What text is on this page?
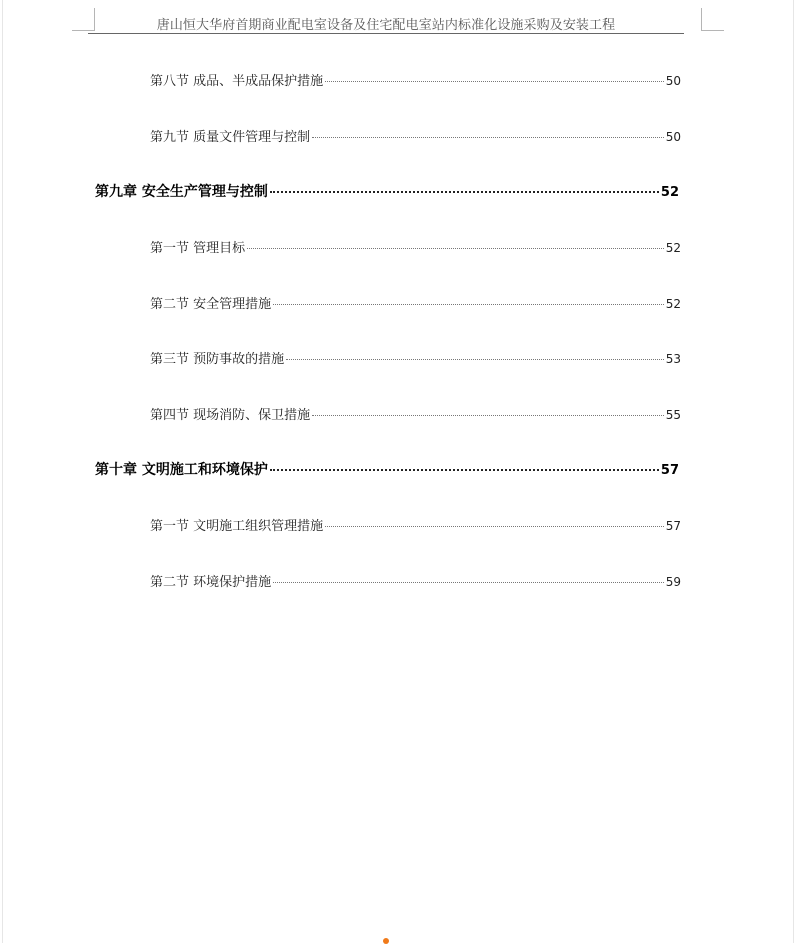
唐山恒大华府首期商业配电室设备及住宅配电室站内标准化设施采购及安装工程
第八节 成品、半成品保护措施	50
第九节 质量文件管理与控制	50
第九章 安全生产管理与控制	52
第一节 管理目标	52
第二节 安全管理措施	52
第三节 预防事故的措施	53
第四节 现场消防、保卫措施	55
第十章 文明施工和环境保护	57
第一节 文明施工组织管理措施	57
第二节 环境保护措施	59
